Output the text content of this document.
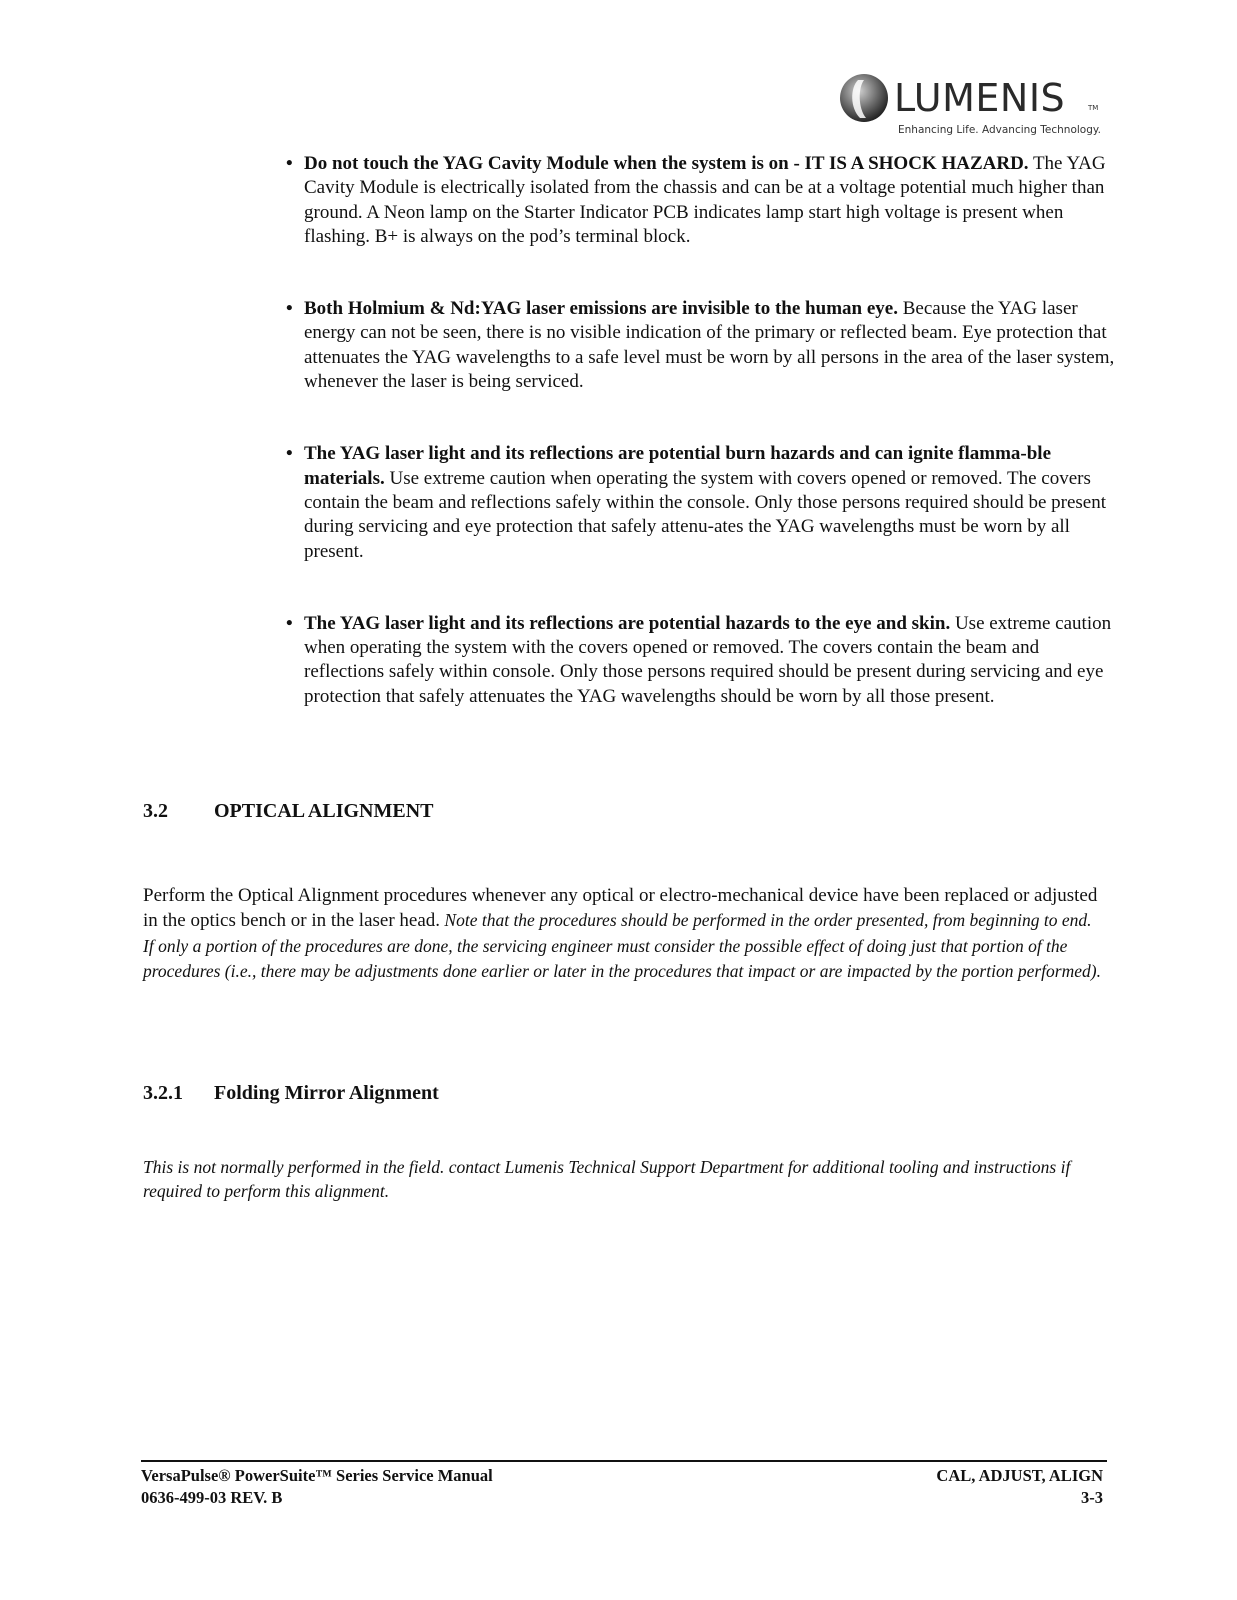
LUMENIS	TM
Enhancing Life. Advancing Technology.
• Do not touch the YAG Cavity Module when the system is on - IT IS A SHOCK HAZARD. The YAG Cavity Module is electrically isolated from the chassis and can be at a voltage potential much higher than ground. A Neon lamp on the Starter Indicator PCB indicates lamp start high voltage is present when flashing. B+ is always on the pod’s terminal block.
• Both Holmium & Nd:YAG laser emissions are invisible to the human eye. Because the YAG laser energy can not be seen, there is no visible indication of the primary or reflected beam. Eye protection that attenuates the YAG wavelengths to a safe level must be worn by all persons in the area of the laser system, whenever the laser is being serviced.
• The YAG laser light and its reflections are potential burn hazards and can ignite flamma-ble materials. Use extreme caution when operating the system with covers opened or removed. The covers contain the beam and reflections safely within the console. Only those persons required should be present during servicing and eye protection that safely attenu-ates the YAG wavelengths must be worn by all present.
• The YAG laser light and its reflections are potential hazards to the eye and skin. Use extreme caution when operating the system with the covers opened or removed. The covers contain the beam and reflections safely within console. Only those persons required should be present during servicing and eye protection that safely attenuates the YAG wavelengths should be worn by all those present.
3.2 OPTICAL ALIGNMENT
Perform the Optical Alignment procedures whenever any optical or electro-mechanical device have been replaced or adjusted in the optics bench or in the laser head. Note that the procedures should be performed in the order presented, from beginning to end. If only a portion of the procedures are done, the servicing engineer must consider the possible effect of doing just that portion of the procedures (i.e., there may be adjustments done earlier or later in the procedures that impact or are impacted by the portion performed).
3.2.1 Folding Mirror Alignment
This is not normally performed in the field. contact Lumenis Technical Support Department for additional tooling and instructions if required to perform this alignment.
VersaPulse® PowerSuite™ Series Service Manual
0636-499-03 REV. B
CAL, ADJUST, ALIGN
3-3
